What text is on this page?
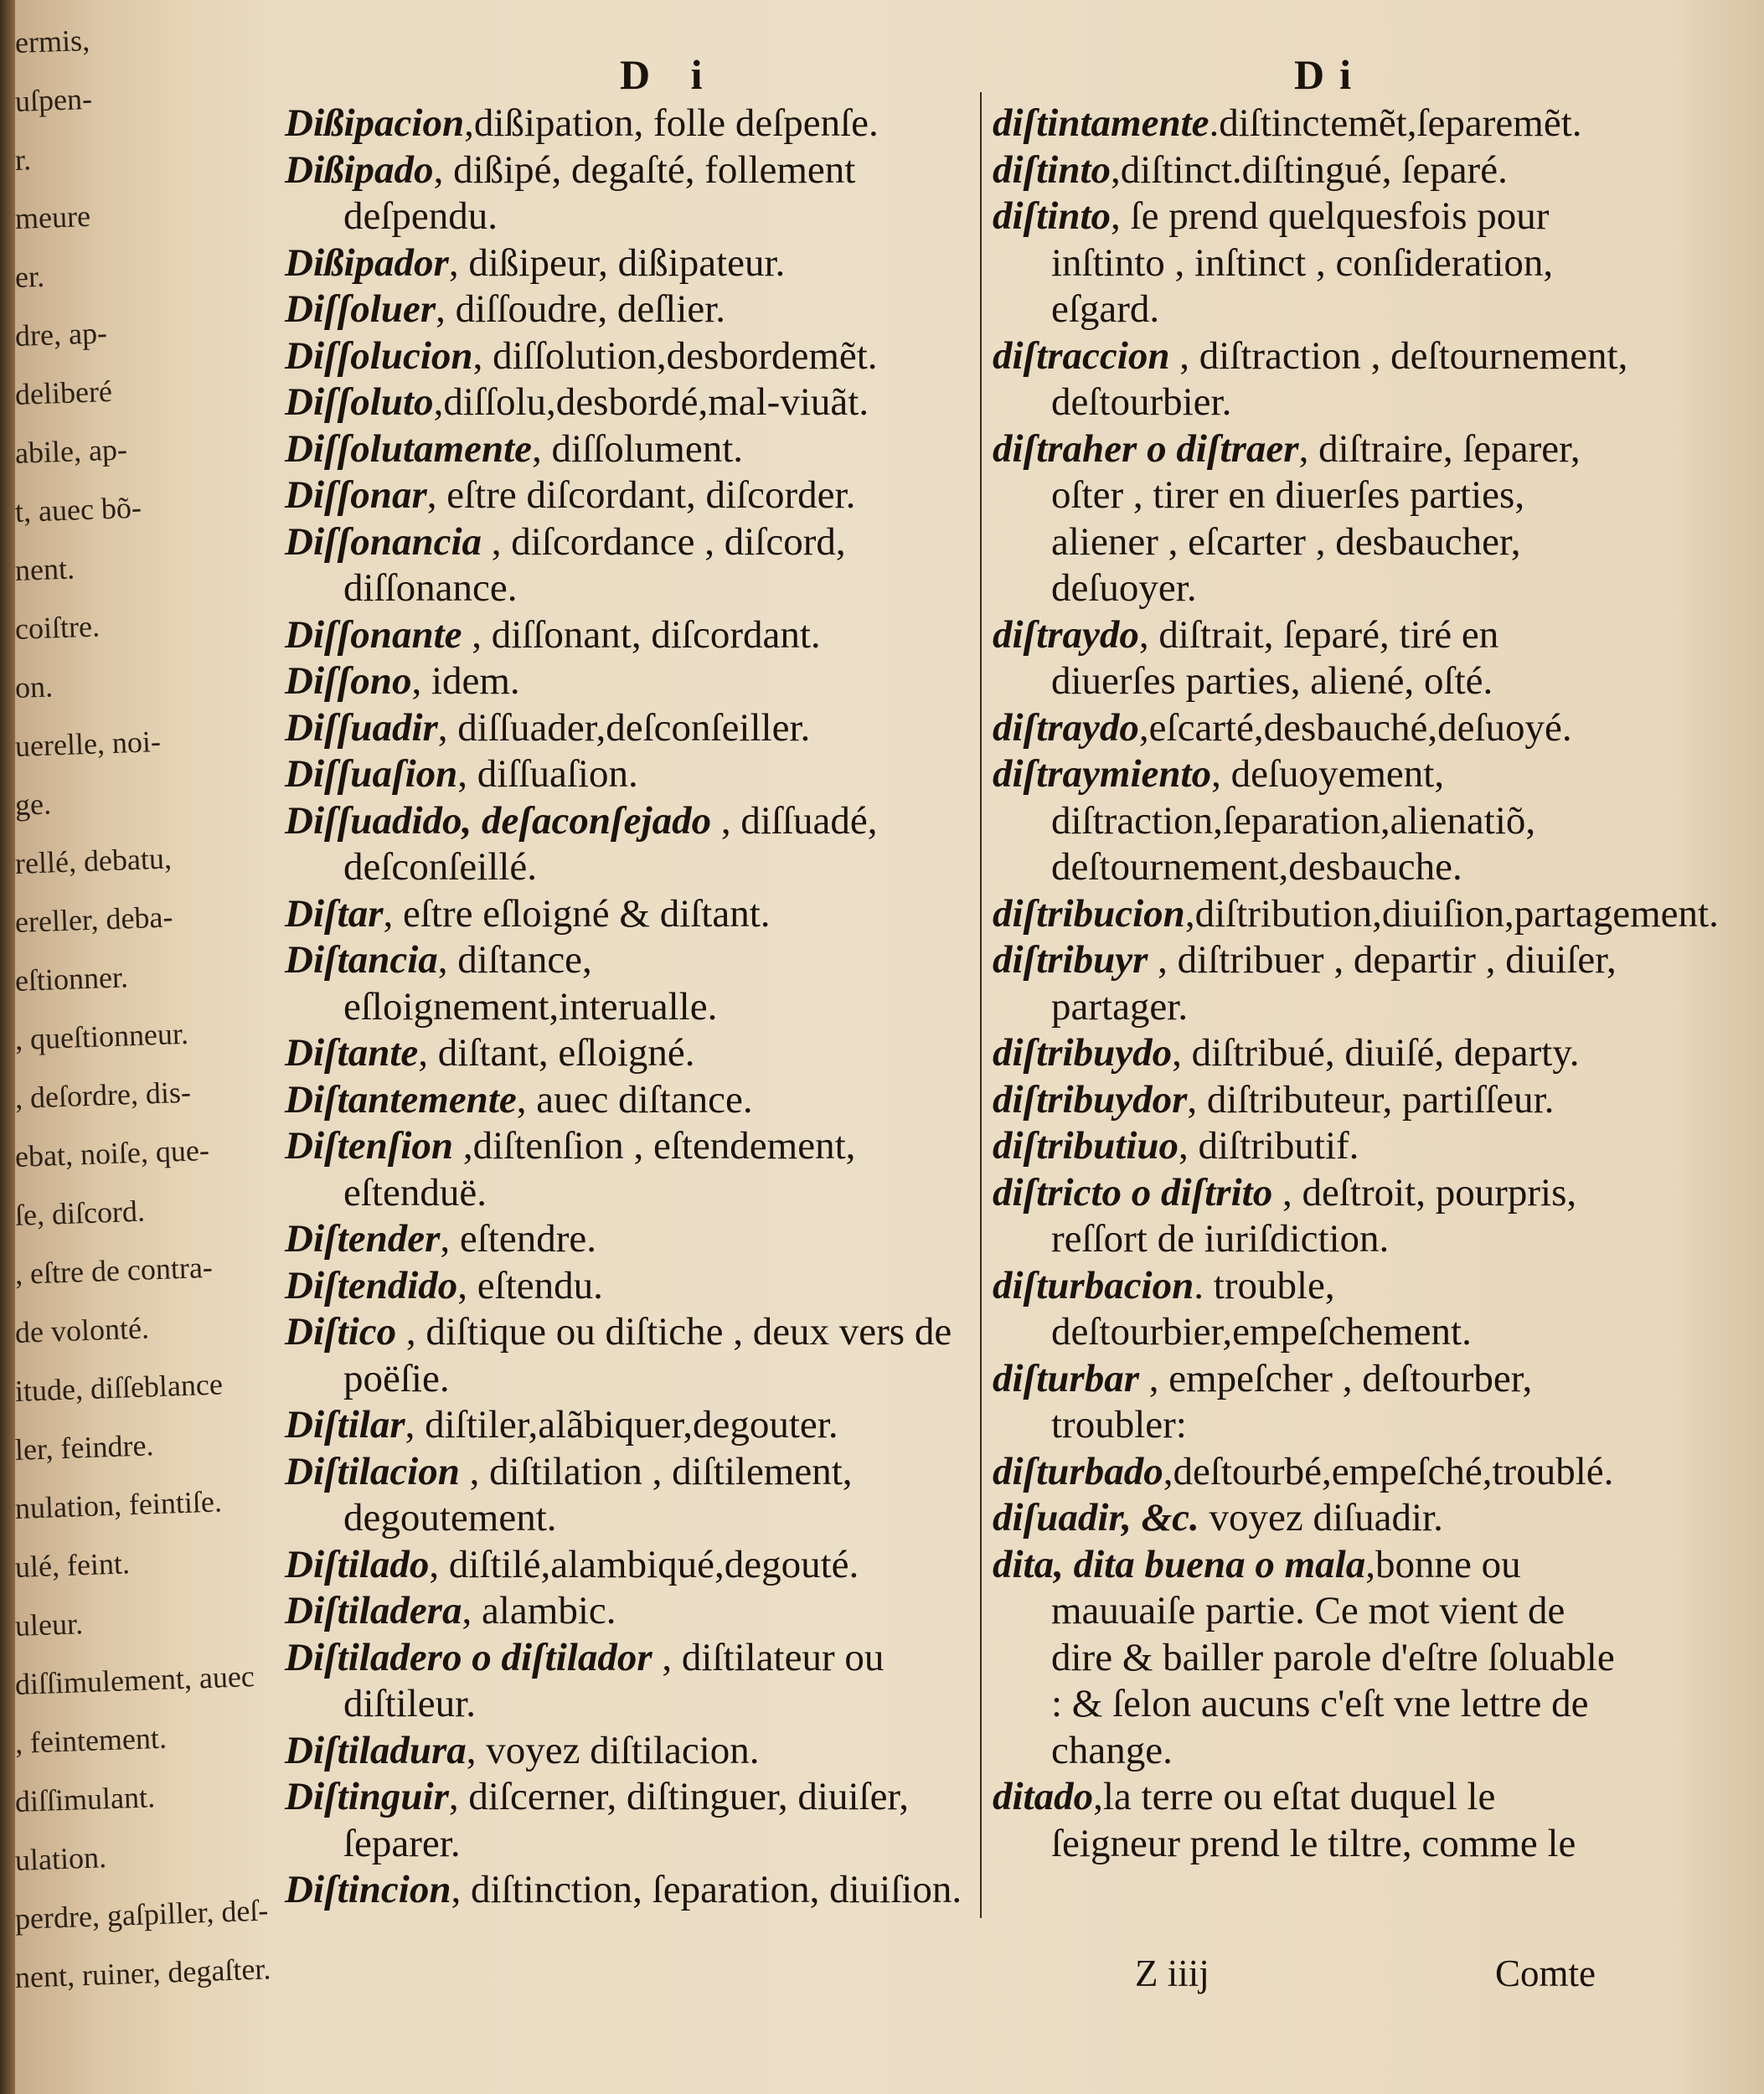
ermis,
uſpen-
r.
meure
er.
dre, ap-
deliberé
abile, ap-
t, auec bõ-
nent.
coiſtre.
on.
uerelle, noi-
ge.
rellé, debatu,
ereller, deba-
eſtionner.
, queſtionneur.
, deſordre, dis-
ebat, noiſe, que-
ſe, diſcord.
, eſtre de contra-
de volonté.
itude, diſſeblance
ler, feindre.
nulation, feintiſe.
ulé, feint.
uleur.
diſſimulement, auec
, feintement.
diſſimulant.
ulation.
perdre, gaſpiller, deſ-
nent, ruiner, degaſter.
D i	Di

Dißipacion,dißipation, folle deſpenſe.

Dißipado, dißipé, degaſté, follement deſpendu.

Dißipador, dißipeur, dißipateur.

Diſſoluer, diſſoudre, deſlier.

Diſſolucion, diſſolution,desbordemẽt.

Diſſoluto,diſſolu,desbordé,mal-viuãt.

Diſſolutamente, diſſolument.

Diſſonar, eſtre diſcordant, diſcorder.

Diſſonancia , diſcordance , diſcord, diſſonance.

Diſſonante , diſſonant, diſcordant.

Diſſono, idem.

Diſſuadir, diſſuader,deſconſeiller.

Diſſuaſion, diſſuaſion.

Diſſuadido, deſaconſejado , diſſuadé, deſconſeillé.

Diſtar, eſtre eſloigné & diſtant.

Diſtancia, diſtance, eſloignement,interualle.

Diſtante, diſtant, eſloigné.

Diſtantemente, auec diſtance.

Diſtenſion ,diſtenſion , eſtendement, eſtenduë.

Diſtender, eſtendre.

Diſtendido, eſtendu.

Diſtico , diſtique ou diſtiche , deux vers de poëſie.

Diſtilar, diſtiler,alãbiquer,degouter.

Diſtilacion , diſtilation , diſtilement, degoutement.

Diſtilado, diſtilé,alambiqué,degouté.

Diſtiladera, alambic.

Diſtiladero o diſtilador , diſtilateur ou diſtileur.

Diſtiladura, voyez diſtilacion.

Diſtinguir, diſcerner, diſtinguer, diuiſer, ſeparer.

Diſtincion, diſtinction, ſeparation, diuiſion.

diſtintamente.diſtinctemẽt,ſeparemẽt.

diſtinto,diſtinct.diſtingué, ſeparé.

diſtinto, ſe prend quelquesfois pour inſtinto , inſtinct , conſideration, eſgard.

diſtraccion , diſtraction , deſtournement, deſtourbier.

diſtraher o diſtraer, diſtraire, ſeparer, oſter , tirer en diuerſes parties, aliener , eſcarter , desbaucher, deſuoyer.

diſtraydo, diſtrait, ſeparé, tiré en diuerſes parties, aliené, oſté.

diſtraydo,eſcarté,desbauché,deſuoyé.

diſtraymiento, deſuoyement, diſtraction,ſeparation,alienatiõ, deſtournement,desbauche.

diſtribucion,diſtribution,diuiſion,partagement.

diſtribuyr , diſtribuer , departir , diuiſer, partager.

diſtribuydo, diſtribué, diuiſé, departy.

diſtribuydor, diſtributeur, partiſſeur.

diſtributiuo, diſtributif.

diſtricto o diſtrito , deſtroit, pourpris, reſſort de iuriſdiction.

diſturbacion. trouble, deſtourbier,empeſchement.

diſturbar , empeſcher , deſtourber, troubler:

diſturbado,deſtourbé,empeſché,troublé.

diſuadir, &c. voyez diſuadir.

dita, dita buena o mala,bonne ou mauuaiſe partie. Ce mot vient de dire & bailler parole d'eſtre ſoluable : & ſelon aucuns c'eſt vne lettre de change.

ditado,la terre ou eſtat duquel le ſeigneur prend le tiltre, comme le

Z iiij	Comte
